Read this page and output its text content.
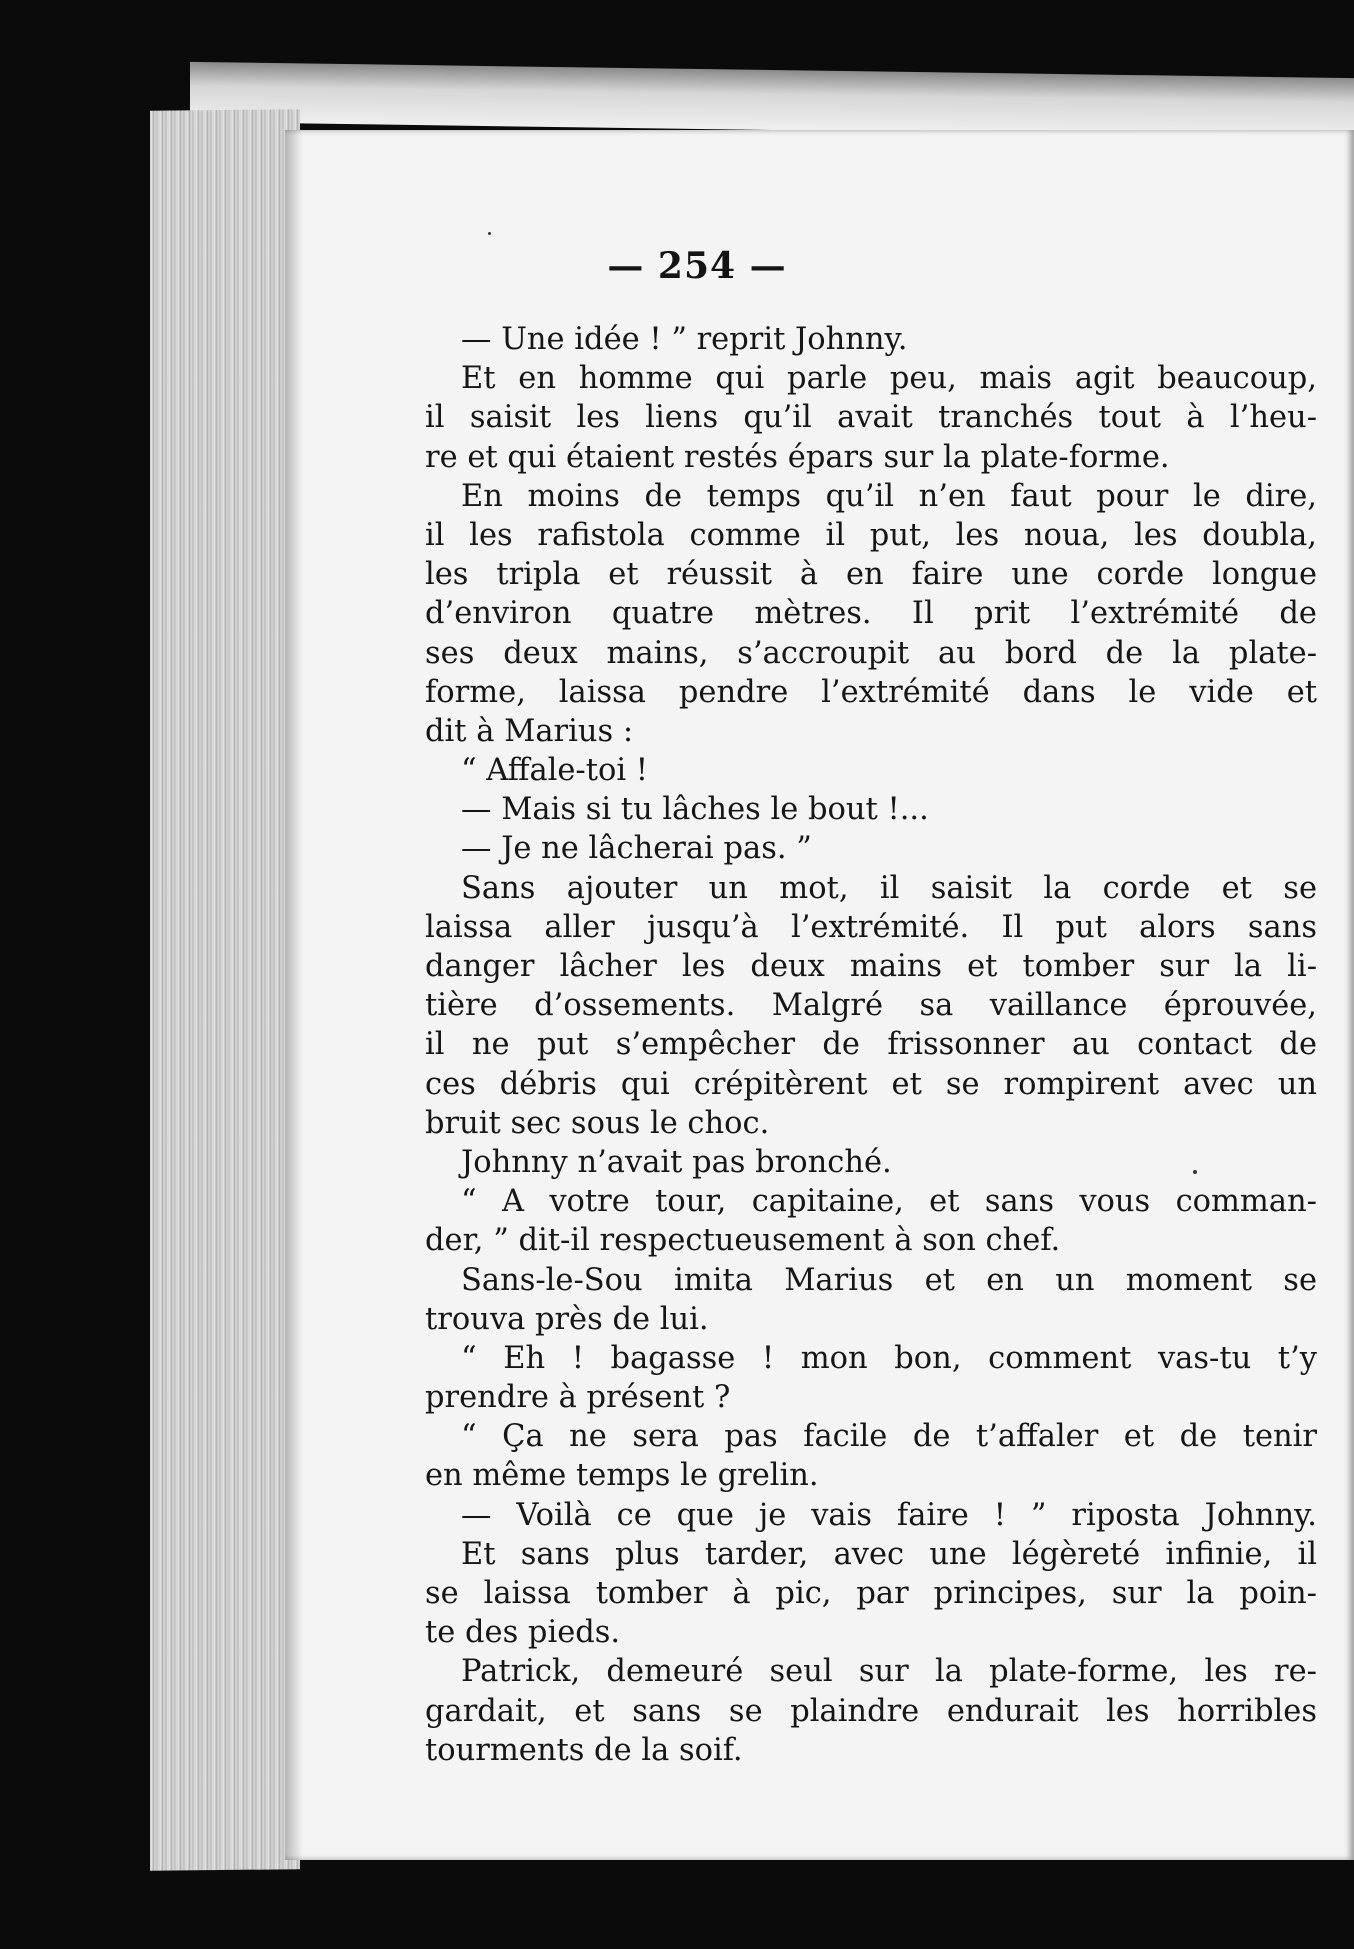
— 254 —
— Une idée ! ” reprit Johnny.
Et en homme qui parle peu, mais agit beaucoup,
il saisit les liens qu’il avait tranchés tout à l’heu-
re et qui étaient restés épars sur la plate-forme.
En moins de temps qu’il n’en faut pour le dire,
il les rafistola comme il put, les noua, les doubla,
les tripla et réussit à en faire une corde longue
d’environ quatre mètres. Il prit l’extrémité de
ses deux mains, s’accroupit au bord de la plate-
forme, laissa pendre l’extrémité dans le vide et
dit à Marius :
“ Affale-toi !
— Mais si tu lâches le bout !...
— Je ne lâcherai pas. ”
Sans ajouter un mot, il saisit la corde et se
laissa aller jusqu’à l’extrémité. Il put alors sans
danger lâcher les deux mains et tomber sur la li-
tière d’ossements. Malgré sa vaillance éprouvée,
il ne put s’empêcher de frissonner au contact de
ces débris qui crépitèrent et se rompirent avec un
bruit sec sous le choc.
Johnny n’avait pas bronché.
“ A votre tour, capitaine, et sans vous comman-
der, ” dit-il respectueusement à son chef.
Sans-le-Sou imita Marius et en un moment se
trouva près de lui.
“ Eh ! bagasse ! mon bon, comment vas-tu t’y
prendre à présent ?
“ Ça ne sera pas facile de t’affaler et de tenir
en même temps le grelin.
— Voilà ce que je vais faire ! ” riposta Johnny.
Et sans plus tarder, avec une légèreté infinie, il
se laissa tomber à pic, par principes, sur la poin-
te des pieds.
Patrick, demeuré seul sur la plate-forme, les re-
gardait, et sans se plaindre endurait les horribles
tourments de la soif.
